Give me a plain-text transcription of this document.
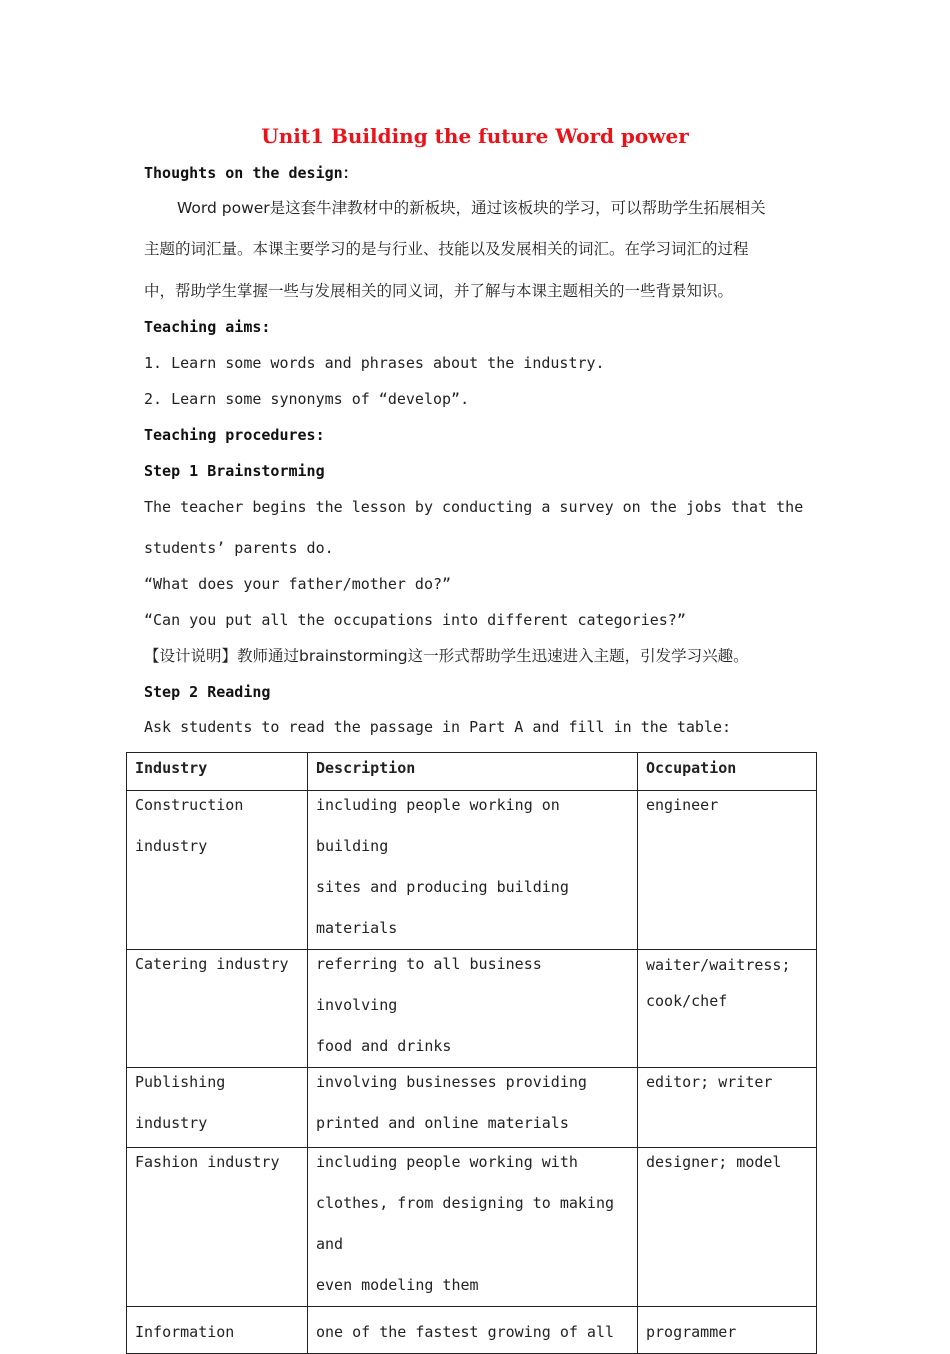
Unit1 Building the future Word power
Thoughts on the design：
Word power是这套牛津教材中的新板块，通过该板块的学习，可以帮助学生拓展相关
主题的词汇量。本课主要学习的是与行业、技能以及发展相关的词汇。在学习词汇的过程
中，帮助学生掌握一些与发展相关的同义词，并了解与本课主题相关的一些背景知识。
Teaching aims:
1. Learn some words and phrases about the industry.
2. Learn some synonyms of “develop”.
Teaching procedures:
Step 1 Brainstorming
The teacher begins the lesson by conducting a survey on the jobs that the
students’ parents do.
“What does your father/mother do?”
“Can you put all the occupations into different categories?”
【设计说明】教师通过brainstorming这一形式帮助学生迅速进入主题，引发学习兴趣。
Step 2 Reading
Ask students to read the passage in Part A and fill in the table:
Industry	Description	Occupation

Construction
industry	including people working on building
sites and producing building
materials	engineer

Catering industry	referring to all business involving
food and drinks	waiter/waitress;
cook/chef

Publishing industry	involving businesses providing
printed and online materials	editor; writer

Fashion industry	including people working with
clothes, from designing to making and
even modeling them	designer; model

Information	one of the fastest growing of all	programmer
